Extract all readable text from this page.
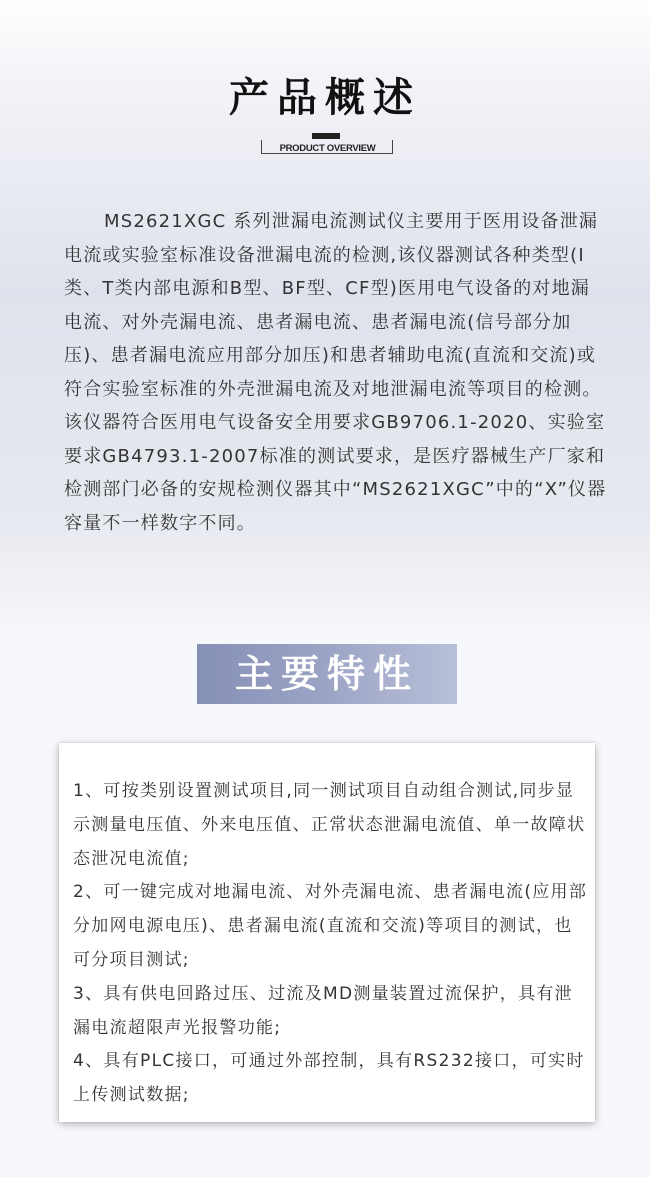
产品概述
PRODUCT OVERVIEW

MS2621XGC 系列泄漏电流测试仪主要用于医用设备泄漏电流或实验室标准设备泄漏电流的检测,该仪器测试各种类型(I类、T类内部电源和B型、BF型、CF型)医用电气设备的对地漏电流、对外壳漏电流、患者漏电流、患者漏电流(信号部分加压)、患者漏电流应用部分加压)和患者辅助电流(直流和交流)或符合实验室标准的外壳泄漏电流及对地泄漏电流等项目的检测。该仪器符合医用电气设备安全用要求GB9706.1-2020、实验室要求GB4793.1-2007标准的测试要求，是医疗器械生产厂家和检测部门必备的安规检测仪器其中“MS2621XGC”中的“X”仪器容量不一样数字不同。

主要特性

1、可按类别设置测试项目,同一测试项目自动组合测试,同步显示测量电压值、外来电压值、正常状态泄漏电流值、单一故障状态泄况电流值;
2、可一键完成对地漏电流、对外壳漏电流、患者漏电流(应用部分加网电源电压)、患者漏电流(直流和交流)等项目的测试，也可分项目测试;
3、具有供电回路过压、过流及MD测量装置过流保护，具有泄漏电流超限声光报警功能;
4、具有PLC接口，可通过外部控制，具有RS232接口，可实时上传测试数据;
